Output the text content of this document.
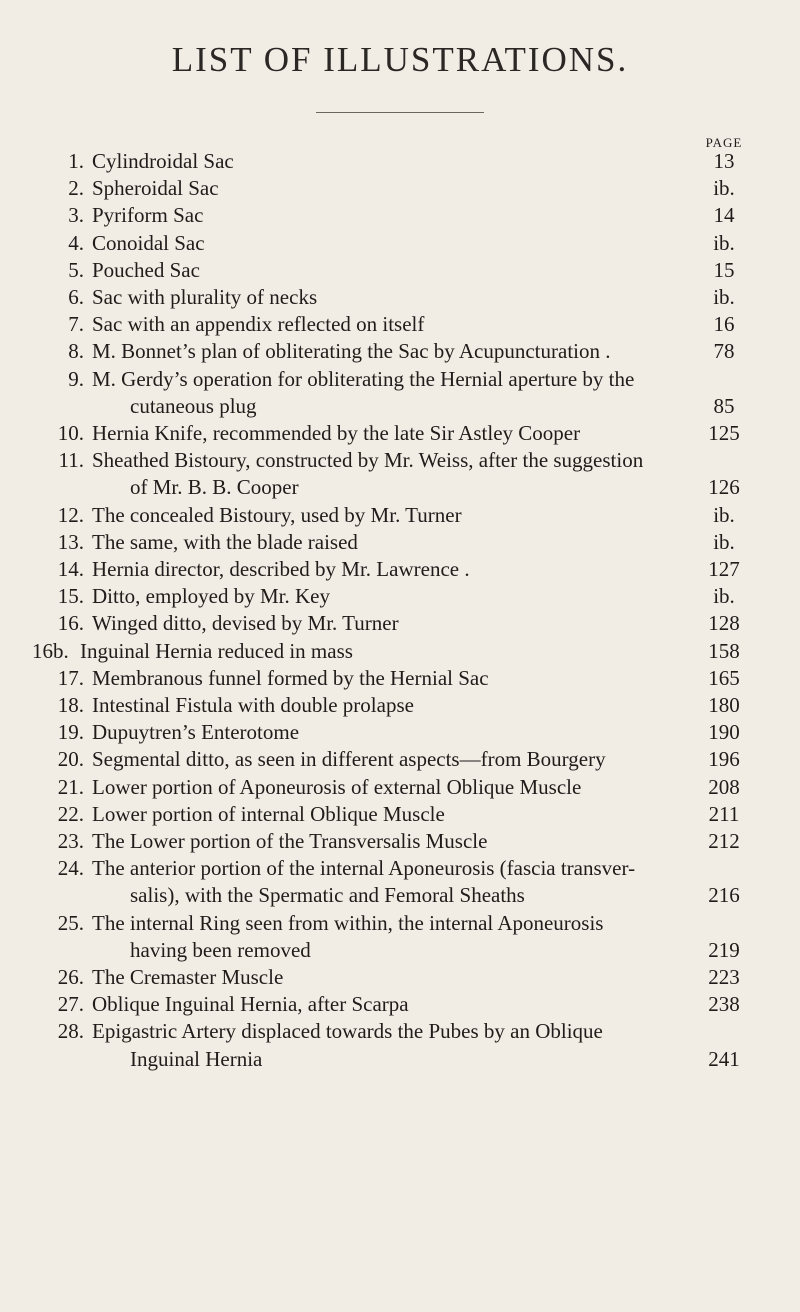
LIST OF ILLUSTRATIONS.
PAGE
1. Cylindroidal Sac	13
2. Spheroidal Sac	ib.
3. Pyriform Sac	14
4. Conoidal Sac	ib.
5. Pouched Sac	15
6. Sac with plurality of necks	ib.
7. Sac with an appendix reflected on itself	16
8. M. Bonnet’s plan of obliterating the Sac by Acupuncturation .	78
9. M. Gerdy’s operation for obliterating the Hernial aperture by the
cutaneous plug	85
10. Hernia Knife, recommended by the late Sir Astley Cooper	125
11. Sheathed Bistoury, constructed by Mr. Weiss, after the suggestion
of Mr. B. B. Cooper	126
12. The concealed Bistoury, used by Mr. Turner	ib.
13. The same, with the blade raised	ib.
14. Hernia director, described by Mr. Lawrence .	127
15. Ditto, employed by Mr. Key	ib.
16. Winged ditto, devised by Mr. Turner	128
16b. Inguinal Hernia reduced in mass	158
17. Membranous funnel formed by the Hernial Sac	165
18. Intestinal Fistula with double prolapse	180
19. Dupuytren’s Enterotome	190
20. Segmental ditto, as seen in different aspects—from Bourgery	196
21. Lower portion of Aponeurosis of external Oblique Muscle	208
22. Lower portion of internal Oblique Muscle	211
23. The Lower portion of the Transversalis Muscle	212
24. The anterior portion of the internal Aponeurosis (fascia transver-
salis), with the Spermatic and Femoral Sheaths	216
25. The internal Ring seen from within, the internal Aponeurosis
having been removed	219
26. The Cremaster Muscle	223
27. Oblique Inguinal Hernia, after Scarpa	238
28. Epigastric Artery displaced towards the Pubes by an Oblique
Inguinal Hernia	241
